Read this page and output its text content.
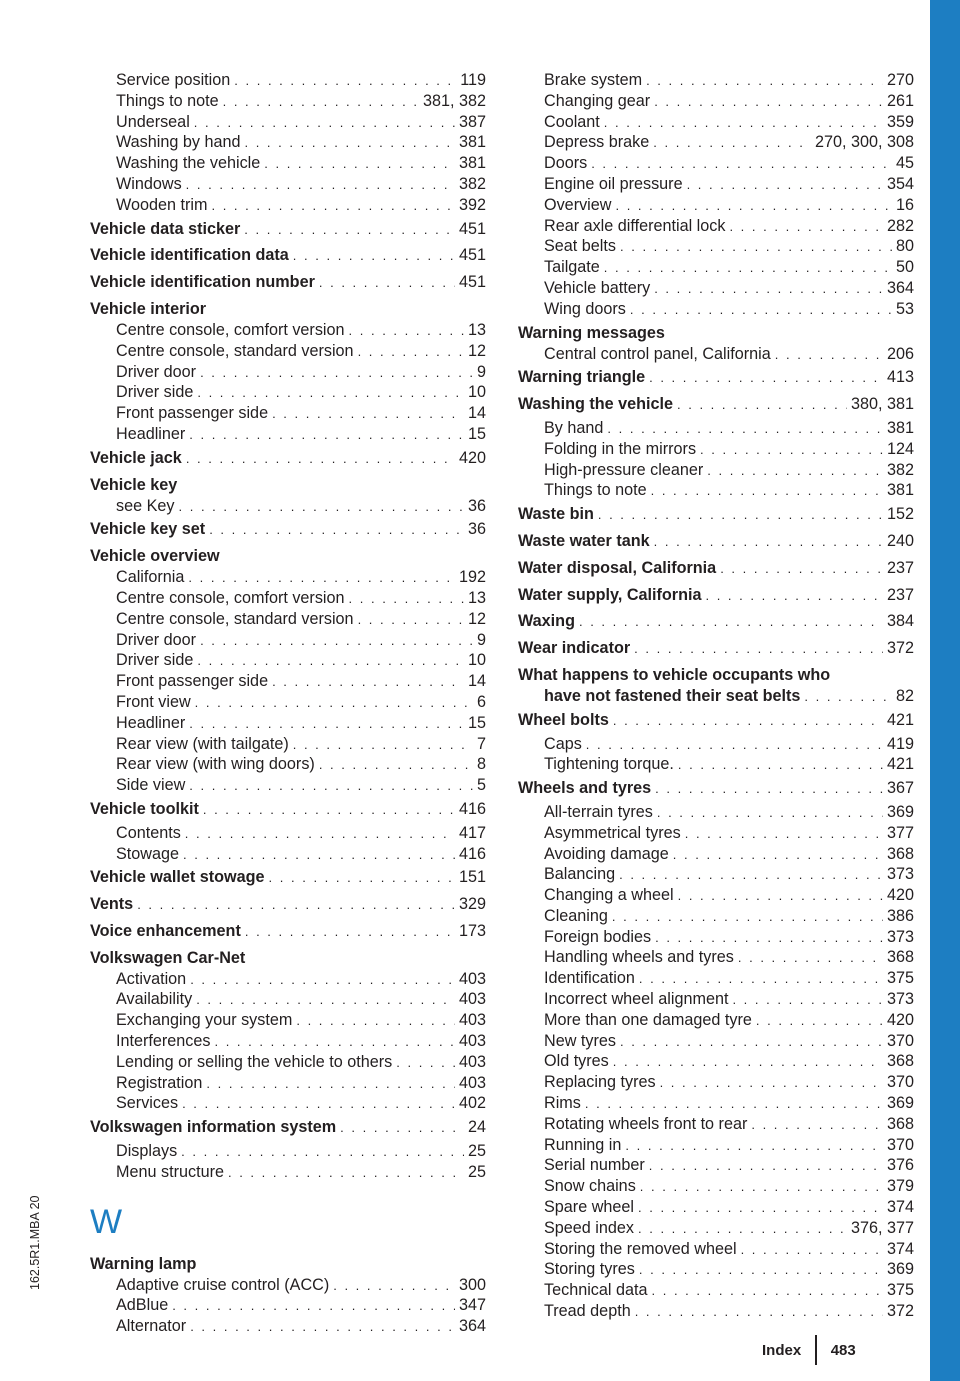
162.5R1.MBA 20
Service position . . .	119
Things to note . . .	381, 382
Underseal . . .	387
Washing by hand . . .	381
Washing the vehicle . . .	381
Windows . . .	382
Wooden trim . . .	392
Vehicle data sticker . . .	451
Vehicle identification data . . .	451
Vehicle identification number . . .	451
Vehicle interior
Centre console, comfort version . . .	13
Centre console, standard version . . .	12
Driver door . . .	9
Driver side . . .	10
Front passenger side . . .	14
Headliner . . .	15
Vehicle jack . . .	420
Vehicle key
see Key . . .	36
Vehicle key set . . .	36
Vehicle overview
California . . .	192
Centre console, comfort version . . .	13
Centre console, standard version . . .	12
Driver door . . .	9
Driver side . . .	10
Front passenger side . . .	14
Front view . . .	6
Headliner . . .	15
Rear view (with tailgate) . . .	7
Rear view (with wing doors) . . .	8
Side view . . .	5
Vehicle toolkit . . .	416
Contents . . .	417
Stowage . . .	416
Vehicle wallet stowage . . .	151
Vents . . .	329
Voice enhancement . . .	173
Volkswagen Car-Net
Activation . . .	403
Availability . . .	403
Exchanging your system . . .	403
Interferences . . .	403
Lending or selling the vehicle to others . . .	403
Registration . . .	403
Services . . .	402
Volkswagen information system . . .	24
Displays . . .	25
Menu structure . . .	25
W
Warning lamp
Adaptive cruise control (ACC) . . .	300
AdBlue . . .	347
Alternator . . .	364
Brake system . . .	270
Changing gear . . .	261
Coolant . . .	359
Depress brake . . .	270, 300, 308
Doors . . .	45
Engine oil pressure . . .	354
Overview . . .	16
Rear axle differential lock . . .	282
Seat belts . . .	80
Tailgate . . .	50
Vehicle battery . . .	364
Wing doors . . .	53
Warning messages
Central control panel, California . . .	206
Warning triangle . . .	413
Washing the vehicle . . .	380, 381
By hand . . .	381
Folding in the mirrors . . .	124
High-pressure cleaner . . .	382
Things to note . . .	381
Waste bin . . .	152
Waste water tank . . .	240
Water disposal, California . . .	237
Water supply, California . . .	237
Waxing . . .	384
Wear indicator . . .	372
What happens to vehicle occupants who
have not fastened their seat belts . . .	82
Wheel bolts . . .	421
Caps . . .	419
Tightening torque. . . .	421
Wheels and tyres . . .	367
All-terrain tyres . . .	369
Asymmetrical tyres . . .	377
Avoiding damage . . .	368
Balancing . . .	373
Changing a wheel . . .	420
Cleaning . . .	386
Foreign bodies . . .	373
Handling wheels and tyres . . .	368
Identification . . .	375
Incorrect wheel alignment . . .	373
More than one damaged tyre . . .	420
New tyres . . .	370
Old tyres . . .	368
Replacing tyres . . .	370
Rims . . .	369
Rotating wheels front to rear . . .	368
Running in . . .	370
Serial number . . .	376
Snow chains . . .	379
Spare wheel . . .	374
Speed index . . .	376, 377
Storing the removed wheel . . .	374
Storing tyres . . .	369
Technical data . . .	375
Tread depth . . .	372
Index 483
